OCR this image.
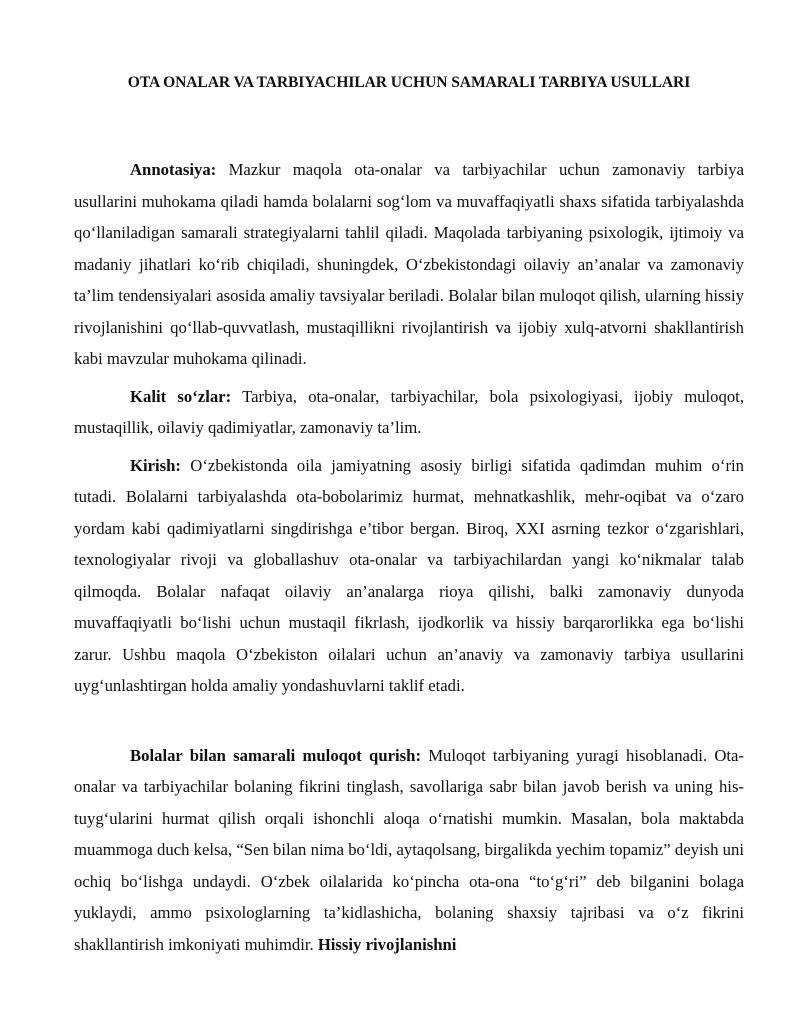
OTA ONALAR VA TARBIYACHILAR UCHUN SAMARALI TARBIYA USULLARI

Annotasiya: Mazkur maqola ota-onalar va tarbiyachilar uchun zamonaviy tarbiya usullarini muhokama qiladi hamda bolalarni sog‘lom va muvaffaqiyatli shaxs sifatida tarbiyalashda qo‘llaniladigan samarali strategiyalarni tahlil qiladi. Maqolada tarbiyaning psixologik, ijtimoiy va madaniy jihatlari ko‘rib chiqiladi, shuningdek, O‘zbekistondagi oilaviy an’analar va zamonaviy ta’lim tendensiyalari asosida amaliy tavsiyalar beriladi. Bolalar bilan muloqot qilish, ularning hissiy rivojlanishini qo‘llab-quvvatlash, mustaqillikni rivojlantirish va ijobiy xulq-atvorni shakllantirish kabi mavzular muhokama qilinadi.

Kalit so‘zlar: Tarbiya, ota-onalar, tarbiyachilar, bola psixologiyasi, ijobiy muloqot, mustaqillik, oilaviy qadimiyatlar, zamonaviy ta’lim.

Kirish: O‘zbekistonda oila jamiyatning asosiy birligi sifatida qadimdan muhim o‘rin tutadi. Bolalarni tarbiyalashda ota-bobolarimiz hurmat, mehnatkashlik, mehr-oqibat va o‘zaro yordam kabi qadimiyatlarni singdirishga e’tibor bergan. Biroq, XXI asrning tezkor o‘zgarishlari, texnologiyalar rivoji va globallashuv ota-onalar va tarbiyachilardan yangi ko‘nikmalar talab qilmoqda. Bolalar nafaqat oilaviy an’analarga rioya qilishi, balki zamonaviy dunyoda muvaffaqiyatli bo‘lishi uchun mustaqil fikrlash, ijodkorlik va hissiy barqarorlikka ega bo‘lishi zarur. Ushbu maqola O‘zbekiston oilalari uchun an’anaviy va zamonaviy tarbiya usullarini uyg‘unlashtirgan holda amaliy yondashuvlarni taklif etadi.

Bolalar bilan samarali muloqot qurish: Muloqot tarbiyaning yuragi hisoblanadi. Ota-onalar va tarbiyachilar bolaning fikrini tinglash, savollariga sabr bilan javob berish va uning his-tuyg‘ularini hurmat qilish orqali ishonchli aloqa o‘rnatishi mumkin. Masalan, bola maktabda muammoga duch kelsa, “Sen bilan nima bo‘ldi, aytaqolsang, birgalikda yechim topamiz” deyish uni ochiq bo‘lishga undaydi. O‘zbek oilalarida ko‘pincha ota-ona “to‘g‘ri” deb bilganini bolaga yuklaydi, ammo psixologlarning ta’kidlashicha, bolaning shaxsiy tajribasi va o‘z fikrini shakllantirish imkoniyati muhimdir. Hissiy rivojlanishni
